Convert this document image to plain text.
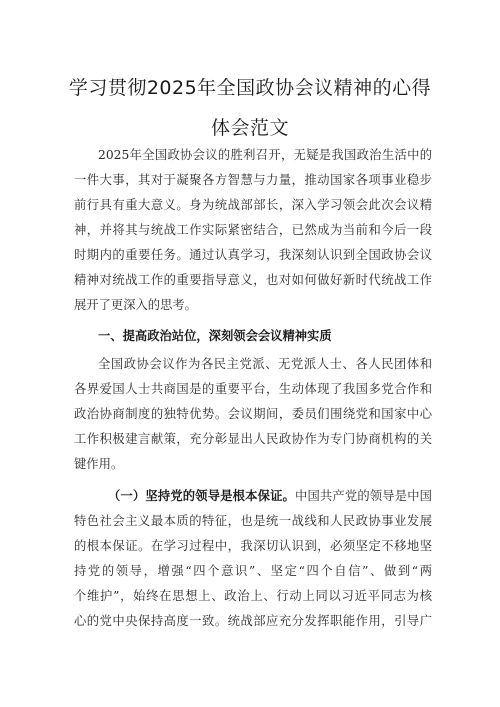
学习贯彻2025年全国政协会议精神的心得
体会范文
2025年全国政协会议的胜利召开，无疑是我国政治生活中的
一件大事，其对于凝聚各方智慧与力量，推动国家各项事业稳步
前行具有重大意义。身为统战部部长，深入学习领会此次会议精
神，并将其与统战工作实际紧密结合，已然成为当前和今后一段
时期内的重要任务。通过认真学习，我深刻认识到全国政协会议
精神对统战工作的重要指导意义，也对如何做好新时代统战工作
展开了更深入的思考。
一、提高政治站位，深刻领会会议精神实质
全国政协会议作为各民主党派、无党派人士、各人民团体和
各界爱国人士共商国是的重要平台，生动体现了我国多党合作和
政治协商制度的独特优势。会议期间，委员们围绕党和国家中心
工作积极建言献策，充分彰显出人民政协作为专门协商机构的关
键作用。
（一）坚持党的领导是根本保证。中国共产党的领导是中国
特色社会主义最本质的特征，也是统一战线和人民政协事业发展
的根本保证。在学习过程中，我深切认识到，必须坚定不移地坚
持党的领导，增强“四个意识”、坚定“四个自信”、做到“两
个维护”，始终在思想上、政治上、行动上同以习近平同志为核
心的党中央保持高度一致。统战部应充分发挥职能作用，引导广
